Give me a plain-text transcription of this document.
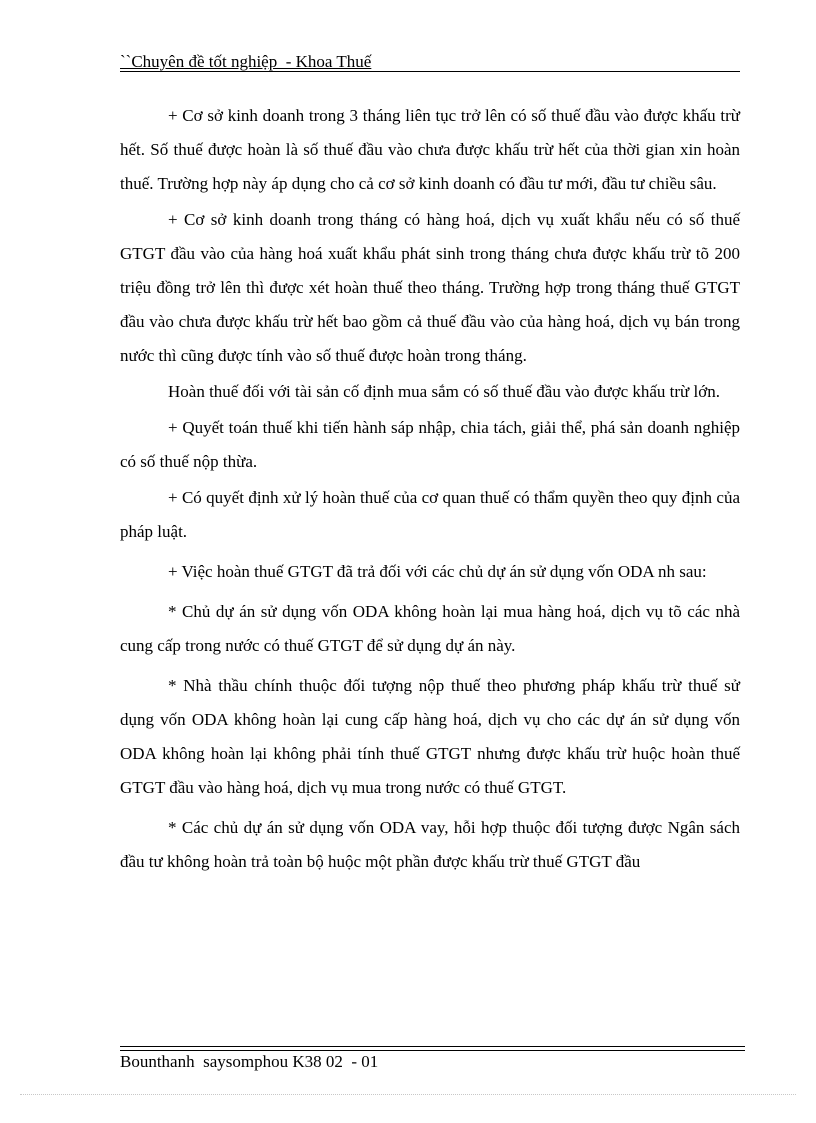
``Chuyên đề tốt nghiệp  - Khoa Thuế

+ Cơ sở kinh doanh trong 3 tháng liên tục trở lên có số thuế đầu vào được khấu trừ hết. Số thuế được hoàn là số thuế đầu vào chưa được khấu trừ hết của thời gian xin hoàn thuế. Trường hợp này áp dụng cho cả cơ sở kinh doanh có đầu tư mới, đầu tư chiều sâu.

+ Cơ sở kinh doanh trong tháng có hàng hoá, dịch vụ xuất khẩu nếu có số thuế GTGT đầu vào của hàng hoá xuất khẩu phát sinh trong tháng chưa được khấu trừ tõ 200 triệu đồng trở lên thì được xét hoàn thuế theo tháng. Trường hợp trong tháng thuế GTGT đầu vào chưa được khấu trừ hết bao gồm cả thuế đầu vào của hàng hoá, dịch vụ bán trong nước thì cũng được tính vào số thuế được hoàn trong tháng.

Hoàn thuế đối với tài sản cố định mua sắm có số thuế đầu vào được khấu trừ lớn.

+ Quyết toán thuế khi tiến hành sáp nhập, chia tách, giải thể, phá sản doanh nghiệp có số thuế nộp thừa.

+ Có quyết định xử lý hoàn thuế của cơ quan thuế có thẩm quyền theo quy định của pháp luật.

+ Việc hoàn thuế GTGT đã trả đối với các chủ dự án sử dụng vốn ODA nh sau:

* Chủ dự án sử dụng vốn ODA không hoàn lại mua hàng hoá, dịch vụ tõ các nhà cung cấp trong nước có thuế GTGT để sử dụng dự án này.

* Nhà thầu chính thuộc đối tượng nộp thuế theo phương pháp khấu trừ thuế sử dụng vốn ODA không hoàn lại cung cấp hàng hoá, dịch vụ cho các dự án sử dụng vốn ODA không hoàn lại không phải tính thuế GTGT nhưng được khấu trừ huộc hoàn thuế GTGT đầu vào hàng hoá, dịch vụ mua trong nước có thuế GTGT.

* Các chủ dự án sử dụng vốn ODA vay, hỗi hợp thuộc đối tượng được Ngân sách đầu tư không hoàn trả toàn bộ huộc một phần được khấu trừ thuế GTGT đầu

Bounthanh  saysomphou K38 02  - 01
